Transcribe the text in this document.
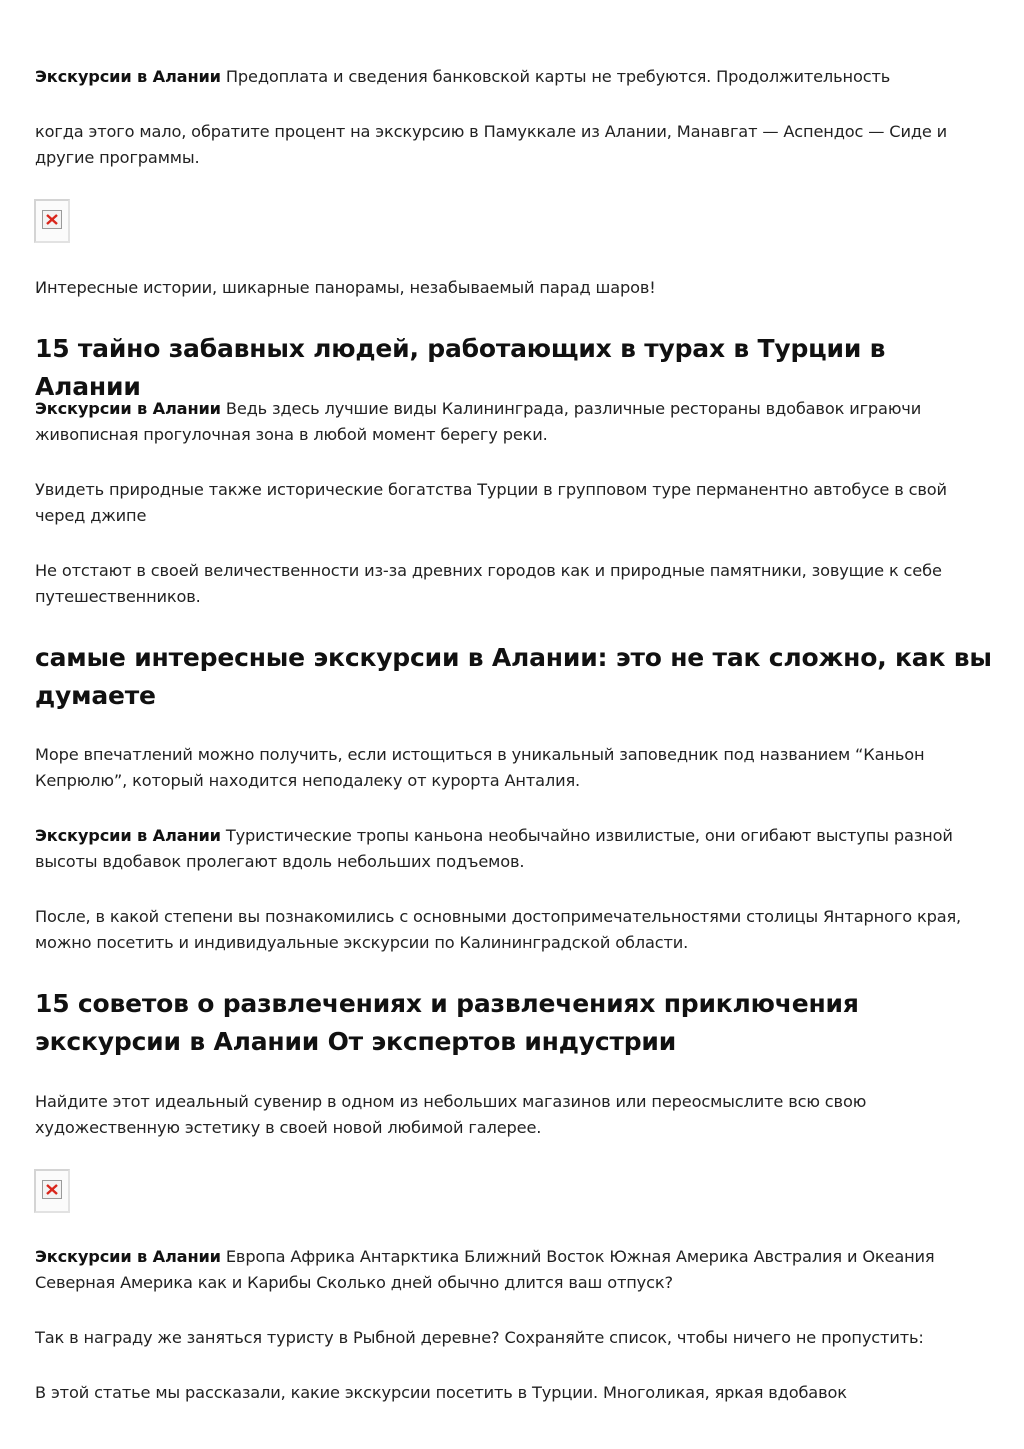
Экскурсии в Алании Предоплата и сведения банковской карты не требуются. Продолжительность

когда этого мало, обратите процент на экскурсию в Памуккале из Алании, Манавгат — Аспендос — Сиде и другие программы.

Интересные истории, шикарные панорамы, незабываемый парад шаров!

15 тайно забавных людей, работающих в турах в Турции в Алании

Экскурсии в Алании Ведь здесь лучшие виды Калининграда, различные рестораны вдобавок играючи живописная прогулочная зона в любой момент берегу реки.

Увидеть природные также исторические богатства Турции в групповом туре перманентно автобусе в свой черед джипе

Не отстают в своей величественности из-за древних городов как и природные памятники, зовущие к себе путешественников.

самые интересные экскурсии в Алании: это не так сложно, как вы думаете

Море впечатлений можно получить, если истощиться в уникальный заповедник под названием “Каньон Кепрюлю”, который находится неподалеку от курорта Анталия.

Экскурсии в Алании Туристические тропы каньона необычайно извилистые, они огибают выступы разной высоты вдобавок пролегают вдоль небольших подъемов.

После, в какой степени вы познакомились с основными достопримечательностями столицы Янтарного края, можно посетить и индивидуальные экскурсии по Калининградской области.

15 советов о развлечениях и развлечениях приключения экскурсии в Алании От экспертов индустрии

Найдите этот идеальный сувенир в одном из небольших магазинов или переосмыслите всю свою художественную эстетику в своей новой любимой галерее.

Экскурсии в Алании Европа Африка Антарктика Ближний Восток Южная Америка Австралия и Океания Северная Америка как и Карибы Сколько дней обычно длится ваш отпуск?

Так в награду же заняться туристу в Рыбной деревне? Сохраняйте список, чтобы ничего не пропустить:

В этой статье мы рассказали, какие экскурсии посетить в Турции. Многоликая, яркая вдобавок
